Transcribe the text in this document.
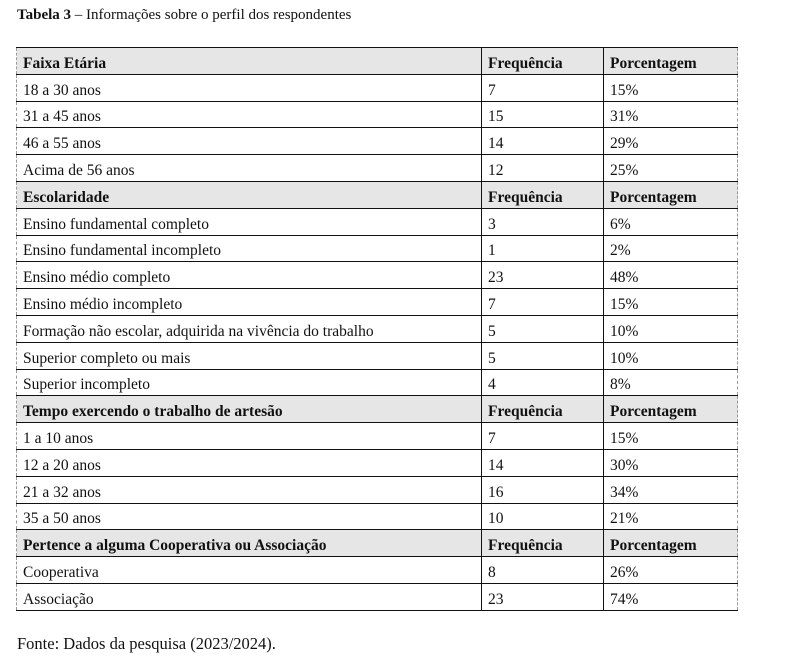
Tabela 3 – Informações sobre o perfil dos respondentes
Faixa Etária	Frequência	Porcentagem
18 a 30 anos	7	15%
31 a 45 anos	15	31%
46 a 55 anos	14	29%
Acima de 56 anos	12	25%
Escolaridade	Frequência	Porcentagem
Ensino fundamental completo	3	6%
Ensino fundamental incompleto	1	2%
Ensino médio completo	23	48%
Ensino médio incompleto	7	15%
Formação não escolar, adquirida na vivência do trabalho	5	10%
Superior completo ou mais	5	10%
Superior incompleto	4	8%
Tempo exercendo o trabalho de artesão	Frequência	Porcentagem
1 a 10 anos	7	15%
12 a 20 anos	14	30%
21 a 32 anos	16	34%
35 a 50 anos	10	21%
Pertence a alguma Cooperativa ou Associação	Frequência	Porcentagem
Cooperativa	8	26%
Associação	23	74%
Fonte: Dados da pesquisa (2023/2024).
